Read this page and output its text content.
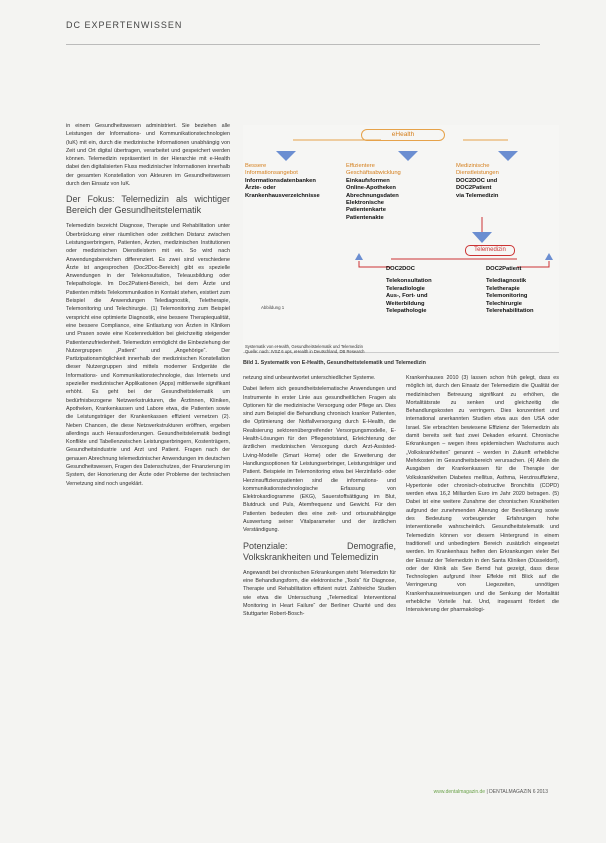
DC EXPERTENWISSEN

in einem Gesundheitswesen administriert. Sie beziehen alle Leistungen der Informations- und Kommunikationstechnologien (IuK) mit ein, durch die medizinische Informationen unabhängig von Zeit und Ort digital übertragen, verarbeitet und gespeichert werden können. Telemedizin repräsentiert in der Hierarchie mit e-Health dabei den digitalisierten Fluss medizinischer Informationen innerhalb der gesamten Konstellation von Akteuren im Gesundheitswesen durch den Einsatz von IuK.

Der Fokus: Telemedizin als wichtiger Bereich der Gesundheitstelematik

Telemedizin bezeicht Diagnose, Therapie und Rehabilitation unter Überbrückung einer räumlichen oder zeitlichen Distanz zwischen Leistungserbringern, Patienten, Ärzten, medizinischen Institutionen oder medizinischen Dienstleistern mit ein. So wird nach Anwendungsbereichen differenziert. Es zwei sind verschiedene Ärzte ist angesprochen (Doc2Doc-Bereich) gibt es spezielle Anwendungen in der Telekonsultation, Teleausbildung oder Telepathologie. Im Doc2Patient-Bereich, bei dem Ärzte und Patienten mittels Telekommunikation in Kontakt stehen, existiert zum Beispiel die Anwendungen Telediagnostik, Teletherapie, Telemonitoring und Telechirurgie. (1) Telemonitoring zum Beispiel verspricht eine optimierte Diagnostik, eine bessere Therapiequalität, eine bessere Compliance, eine Entlastung von Ärzten in Kliniken und Praxen sowie eine Kostenreduktion bei gleichzeitig steigender Patientenzufriedenheit. Telemedizin ermöglicht die Einbeziehung der Nutzergruppen „Patient“ und „Angehörige“. Der Partizipationsmöglichkeit innerhalb der medizinischen Konstellation dieser Nutzergruppen sind mittels moderner Endgeräte die Informations- und Kommunikationstechnologie, das Internets und spezieller medizinischer Applikationen (Apps) mittlerweile signifikant erhöht. Es geht bei der Gesundheitstelematik um bedürfnisbezogene Netzwerkstrukturen, die Ärztinnen, Kliniken, Apotheken, Krankenkassen und Labore etwa, die Patienten sowie die Leistungsträger der Krankenkassen effizient vernetzen (2). Neben Chancen, die diese Netzwerkstrukturen eröffnen, ergeben allerdings auch Herausforderungen. Gesundheitstelematik bedingt Konflikte und Tabellenzwischen Leistungserbringern, Kostenträgern, Gesundheitsindustrie und Arzt und Patient. Fragen nach der genauen Abrechnung telemedizinischer Anwendungen im deutschen Gesundheitswesen, Fragen des Datenschutzes, der Finanzierung im System, der Honorierung der Ärzte oder Probleme der technischen Vernetzung sind noch ungeklärt.

eHealth
Bessere
Informationsangebot
Informationsdatenbanken
Ärzte- oder
Krankenhausverzeichnisse
Effizientere
Geschäftsabwicklung
Einkaufsformen
Online-Apotheken
Abrechnungsdaten
Elektronische
Patientenkarte
Patientenakte
Medizinische
Dienstleistungen
DOC2DOC und
DOC2Patient
via Telemedizin
Telemedizin
DOC2DOC
Telekonsultation
Teleradiologie
Aus-, Fort- und
Weiterbildung
Telepathologie
DOC2Patient
Telediagnostik
Teletherapie
Telemonitoring
Telechirurgie
Telerehabilitation
Abbildung 1
Systematik von eHealth, Gesundheitstelematik und Telemedizin
Quelle: nach: IVSZ 6 ups, eHealth in Deutschland, DB Research
Bild 1. Systematik von E-Health, Gesundheitstelematik und Telemedizin

netzung sind unbeantwortet unterschiedlicher Systeme.

Dabei liefern sich gesundheitstelematische Anwendungen und Instrumente in erster Linie aus gesundheitlichen Fragen als Optionen für die medizinische Versorgung oder Pflege an. Dies sind zum Beispiel die Behandlung chronisch kranker Patienten, die Optimierung der Notfallversorgung durch E-Health, die Realisierung sektorenübergreifender Versorgungsmodelle, E-Health-Lösungen für den Pflegenotstand, Erleichterung der ärztlichen medizinischen Versorgung durch Arzt-Assisted-Living-Modelle (Smart Home) oder die Erweiterung der Handlungsoptionen für Leistungserbringer, Leistungsträger und Patient. Beispiele im Telemonitoring etwa bei Herzinfarkt- oder Herzinsuffizienzpatienten sind die informations- und kommunikationstechnologische Erfassung von Elektrokardiogramme (EKG), Sauerstoffsättigung im Blut, Blutdruck und Puls, Atemfrequenz und Gewicht. Für den Patienten bedeuten dies eine zeit- und ortsunabhängige Auswertung seiner Vitalparameter und der ärztlichen Verständigung.

Potenziale: Demografie, Volkskrankheiten und Telemedizin

Angewandt bei chronischen Erkrankungen steht Telemedizin für eine Behandlungsform, die elektronische „Tools“ für Diagnose, Therapie und Rehabilitation effizient nutzt. Zahlreiche Studien wie etwa die Untersuchung „Telemedical Interventional Monitoring in Heart Failure“ der Berliner Charité und des Stuttgarter Robert-Bosch-

Krankenhauses 2010 (3) lassen schon früh gelegt, dass es möglich ist, durch den Einsatz der Telemedizin die Qualität der medizinischen Betreuung signifikant zu erhöhen, die Mortalitätsrate zu senken und gleichzeitig die Behandlungskosten zu verringern. Dies konzentriert und international anerkannten Studien etwa aus den USA oder Israel. Sie erbrachten bewiesene Effizienz der Telemedizin als damit bereits seit fast zwei Dekaden erkannt. Chronische Erkrankungen – wegen ihres epidemischen Wachstums auch „Volkskrankheiten“ genannt – werden in Zukunft erhebliche Mehrkosten im Gesundheitsbereich verursachen. (4) Allein die Ausgaben der Krankenkassen für die Therapie der Volkskrankheiten Diabetes mellitus, Asthma, Herzinsuffizienz, Hypertonie oder chronisch-obstructive Bronchitis (COPD) werden etwa 16,2 Milliarden Euro im Jahr 2020 betragen. (5) Dabei ist eine weitere Zunahme der chronischen Krankheiten aufgrund der zunehmenden Alterung der Bevölkerung sowie des Bedeutung vorbeugender Erfahrungen hohe interventionelle wahrscheinlich. Gesundheitstelematik und Telemedizin können vor diesem Hintergrund in einem traditionell und unbedingtem Bereich zusätzlich eingesetzt werden. Im Krankenhaus helfen den Erkrankungen vieler Bei der Einsatz der Telemedizin in den Santa Kliniken (Düsseldorf), oder der Klinik als See Bernd hat gezeigt, dass diese Technologien aufgrund ihrer Effekte mit Blick auf die Verringerung von Liegezeiten, unnötigen Krankenhauseinweisungen und die Senkung der Mortalität erhebliche Vorteile hat. Und, insgesamt fördert die Intensivierung der pharmakologi-

www.dentalmagazin.de | DENTALMAGAZIN 6 2013
